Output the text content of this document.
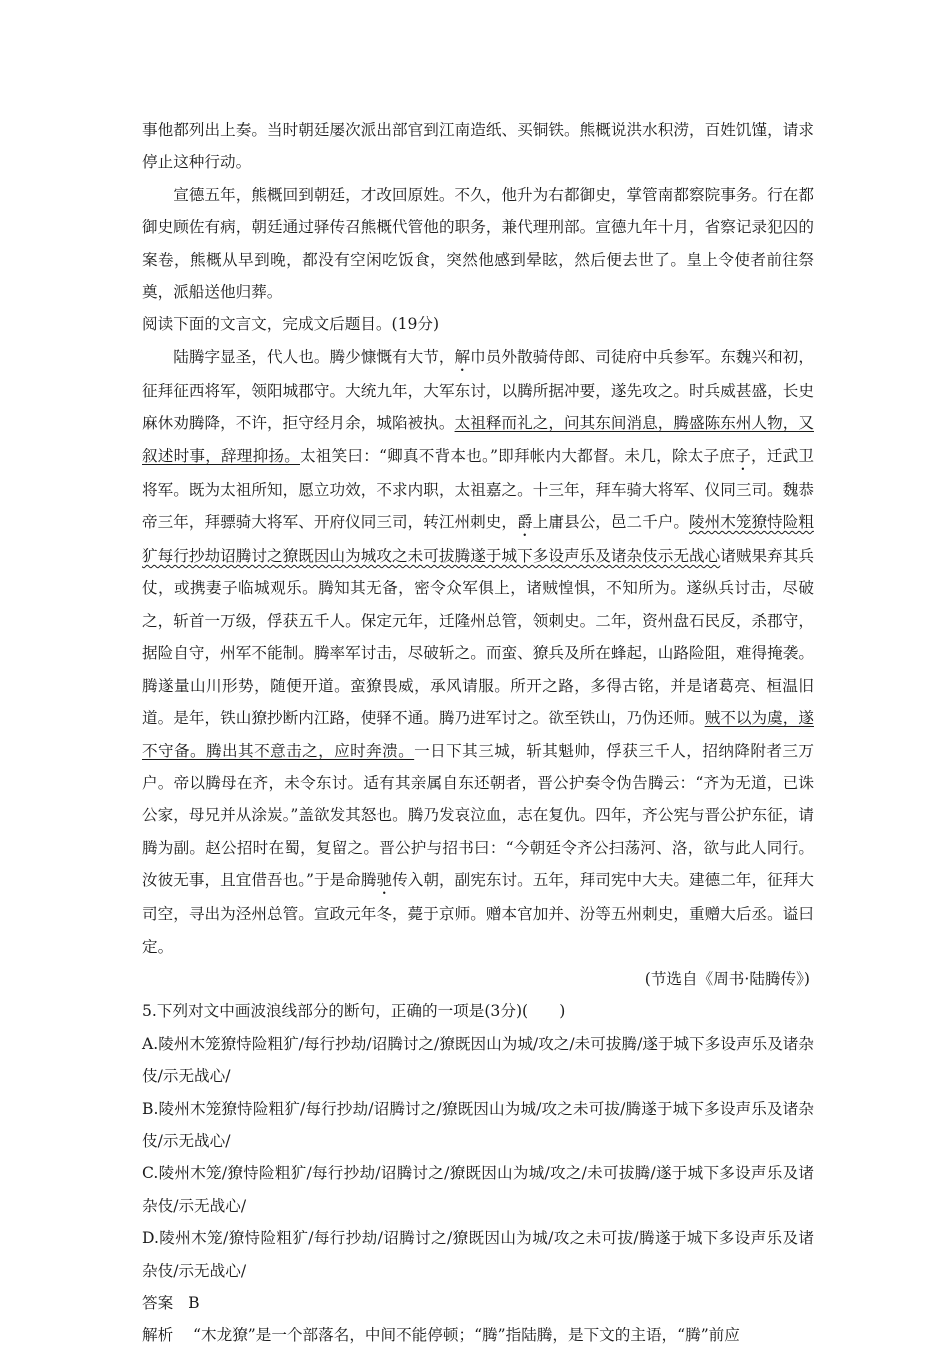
事他都列出上奏。当时朝廷屡次派出部官到江南造纸、买铜铁。熊概说洪水积涝，百姓饥馑，请求停止这种行动。

宣德五年，熊概回到朝廷，才改回原姓。不久，他升为右都御史，掌管南都察院事务。行在都御史顾佐有病，朝廷通过驿传召熊概代管他的职务，兼代理刑部。宣德九年十月，省察记录犯囚的案卷，熊概从早到晚，都没有空闲吃饭食，突然他感到晕眩，然后便去世了。皇上令使者前往祭奠，派船送他归葬。

阅读下面的文言文，完成文后题目。(19分)

陆腾字显圣，代人也。腾少慷慨有大节，解巾员外散骑侍郎、司徒府中兵参军。东魏兴和初，征拜征西将军，领阳城郡守。大统九年，大军东讨，以腾所据冲要，遂先攻之。时兵威甚盛，长史麻休劝腾降，不许，拒守经月余，城陷被执。太祖释而礼之，问其东间消息，腾盛陈东州人物，又叙述时事，辞理抑扬。太祖笑曰：“卿真不背本也。”即拜帐内大都督。未几，除太子庶子，迁武卫将军。既为太祖所知，愿立功效，不求内职，太祖嘉之。十三年，拜车骑大将军、仪同三司。魏恭帝三年，拜骠骑大将军、开府仪同三司，转江州刺史，爵上庸县公，邑二千户。陵州木笼獠恃险粗犷每行抄劫诏腾讨之獠既因山为城攻之未可拔腾遂于城下多设声乐及诸杂伎示无战心诸贼果弃其兵仗，或携妻子临城观乐。腾知其无备，密令众军俱上，诸贼惶惧，不知所为。遂纵兵讨击，尽破之，斩首一万级，俘获五千人。保定元年，迁隆州总管，领刺史。二年，资州盘石民反，杀郡守，据险自守，州军不能制。腾率军讨击，尽破斩之。而蛮、獠兵及所在蜂起，山路险阻，难得掩袭。腾遂量山川形势，随便开道。蛮獠畏威，承风请服。所开之路，多得古铭，并是诸葛亮、桓温旧道。是年，铁山獠抄断内江路，使驿不通。腾乃进军讨之。欲至铁山，乃伪还师。贼不以为虞，遂不守备。腾出其不意击之，应时奔溃。一日下其三城，斩其魁帅，俘获三千人，招纳降附者三万户。帝以腾母在齐，未令东讨。适有其亲属自东还朝者，晋公护奏令伪告腾云：“齐为无道，已诛公家，母兄并从涂炭。”盖欲发其怒也。腾乃发哀泣血，志在复仇。四年，齐公宪与晋公护东征，请腾为副。赵公招时在蜀，复留之。晋公护与招书曰：“今朝廷令齐公扫荡河、洛，欲与此人同行。汝彼无事，且宜借吾也。”于是命腾驰传入朝，副宪东讨。五年，拜司宪中大夫。建德二年，征拜大司空，寻出为泾州总管。宣政元年冬，薨于京师。赠本官加并、汾等五州刺史，重赠大后丞。谥曰定。

(节选自《周书·陆腾传》)

5.下列对文中画波浪线部分的断句，正确的一项是(3分)(　　)

A.陵州木笼獠恃险粗犷/每行抄劫/诏腾讨之/獠既因山为城/攻之/未可拔腾/遂于城下多设声乐及诸杂伎/示无战心/

B.陵州木笼獠恃险粗犷/每行抄劫/诏腾讨之/獠既因山为城/攻之未可拔/腾遂于城下多设声乐及诸杂伎/示无战心/

C.陵州木笼/獠恃险粗犷/每行抄劫/诏腾讨之/獠既因山为城/攻之/未可拔腾/遂于城下多设声乐及诸杂伎/示无战心/

D.陵州木笼/獠恃险粗犷/每行抄劫/诏腾讨之/獠既因山为城/攻之未可拔/腾遂于城下多设声乐及诸杂伎/示无战心/

答案 B

解析 “木龙獠”是一个部落名，中间不能停顿；“腾”指陆腾，是下文的主语，“腾”前应
